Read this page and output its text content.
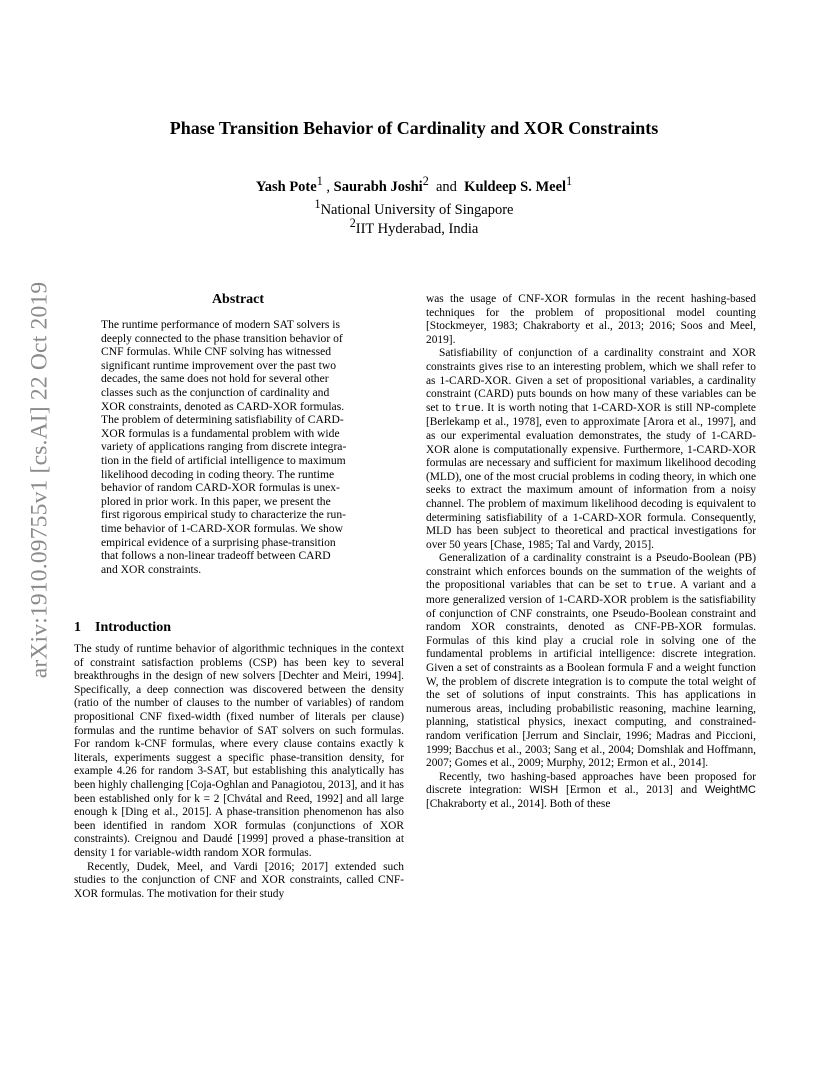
arXiv:1910.09755v1 [cs.AI] 22 Oct 2019
Phase Transition Behavior of Cardinality and XOR Constraints
Yash Pote$^1$ , Saurabh Joshi$^2$  and  Kuldeep S. Meel$^1$
$^1$National University of Singapore
$^2$IIT Hyderabad, India
Abstract
The runtime performance of modern SAT solvers is
deeply connected to the phase transition behavior of
CNF formulas. While CNF solving has witnessed
significant runtime improvement over the past two
decades, the same does not hold for several other
classes such as the conjunction of cardinality and
XOR constraints, denoted as CARD-XOR formulas.
The problem of determining satisfiability of CARD-
XOR formulas is a fundamental problem with wide
variety of applications ranging from discrete integra-
tion in the field of artificial intelligence to maximum
likelihood decoding in coding theory. The runtime
behavior of random CARD-XOR formulas is unex-
plored in prior work. In this paper, we present the
first rigorous empirical study to characterize the run-
time behavior of 1-CARD-XOR formulas. We show
empirical evidence of a surprising phase-transition
that follows a non-linear tradeoff between CARD
and XOR constraints.
1 Introduction

The study of runtime behavior of algorithmic techniques in the context of constraint satisfaction problems (CSP) has been key to several breakthroughs in the design of new solvers [Dechter and Meiri, 1994]. Specifically, a deep connection was discovered between the density (ratio of the number of clauses to the number of variables) of random propositional CNF fixed-width (fixed number of literals per clause) formulas and the runtime behavior of SAT solvers on such formulas. For random k-CNF formulas, where every clause contains exactly k literals, experiments suggest a specific phase-transition density, for example 4.26 for random 3-SAT, but establishing this analytically has been highly challenging [Coja-Oghlan and Panagiotou, 2013], and it has been established only for k = 2 [Chvátal and Reed, 1992] and all large enough k [Ding et al., 2015]. A phase-transition phenomenon has also been identified in random XOR formulas (conjunctions of XOR constraints). Creignou and Daudé [1999] proved a phase-transition at density 1 for variable-width random XOR formulas.

Recently, Dudek, Meel, and Vardi [2016; 2017] extended such studies to the conjunction of CNF and XOR constraints, called CNF-XOR formulas. The motivation for their study

was the usage of CNF-XOR formulas in the recent hashing-based techniques for the problem of propositional model counting [Stockmeyer, 1983; Chakraborty et al., 2013; 2016; Soos and Meel, 2019].

Satisfiability of conjunction of a cardinality constraint and XOR constraints gives rise to an interesting problem, which we shall refer to as 1-CARD-XOR. Given a set of propositional variables, a cardinality constraint (CARD) puts bounds on how many of these variables can be set to true. It is worth noting that 1-CARD-XOR is still NP-complete [Berlekamp et al., 1978], even to approximate [Arora et al., 1997], and as our experimental evaluation demonstrates, the study of 1-CARD-XOR alone is computationally expensive. Furthermore, 1-CARD-XOR formulas are necessary and sufficient for maximum likelihood decoding (MLD), one of the most crucial problems in coding theory, in which one seeks to extract the maximum amount of information from a noisy channel. The problem of maximum likelihood decoding is equivalent to determining satisfiability of a 1-CARD-XOR formula. Consequently, MLD has been subject to theoretical and practical investigations for over 50 years [Chase, 1985; Tal and Vardy, 2015].

Generalization of a cardinality constraint is a Pseudo-Boolean (PB) constraint which enforces bounds on the summation of the weights of the propositional variables that can be set to true. A variant and a more generalized version of 1-CARD-XOR problem is the satisfiability of conjunction of CNF constraints, one Pseudo-Boolean constraint and random XOR constraints, denoted as CNF-PB-XOR formulas. Formulas of this kind play a crucial role in solving one of the fundamental problems in artificial intelligence: discrete integration. Given a set of constraints as a Boolean formula F and a weight function W, the problem of discrete integration is to compute the total weight of the set of solutions of input constraints. This has applications in numerous areas, including probabilistic reasoning, machine learning, planning, statistical physics, inexact computing, and constrained-random verification [Jerrum and Sinclair, 1996; Madras and Piccioni, 1999; Bacchus et al., 2003; Sang et al., 2004; Domshlak and Hoffmann, 2007; Gomes et al., 2009; Murphy, 2012; Ermon et al., 2014].

Recently, two hashing-based approaches have been proposed for discrete integration: WISH [Ermon et al., 2013] and WeightMC [Chakraborty et al., 2014]. Both of these
